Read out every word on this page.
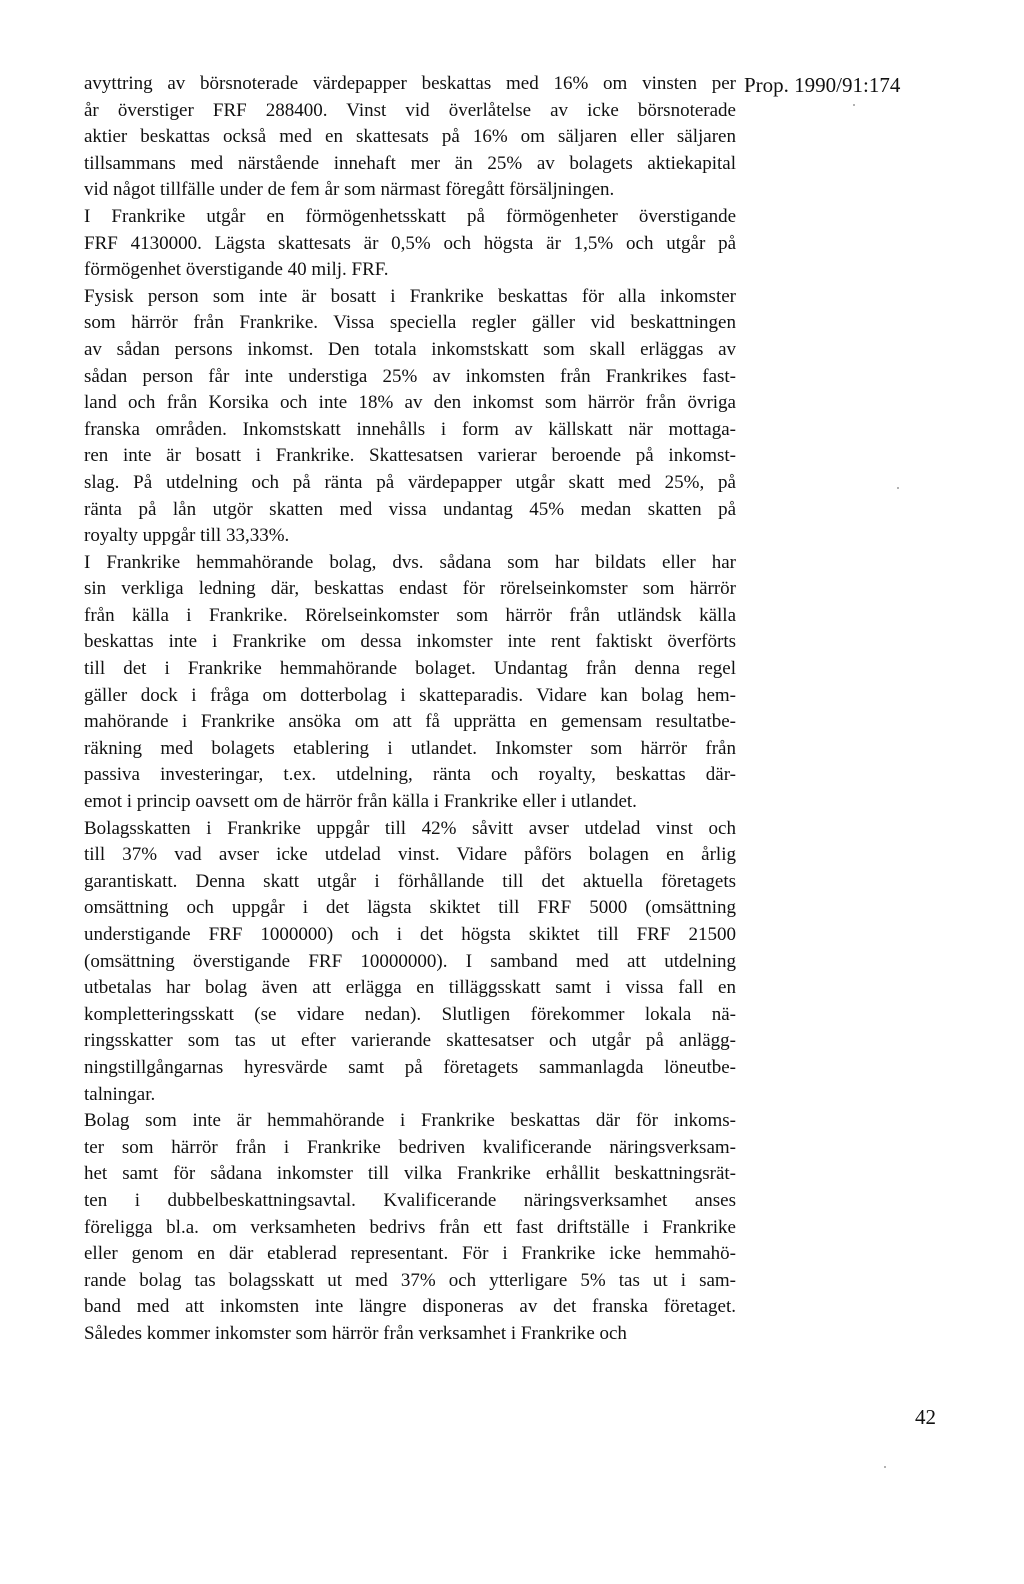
Prop. 1990/91:174
avyttring av börsnoterade värdepapper beskattas med 16% om vinsten per
år överstiger FRF 288400. Vinst vid överlåtelse av icke börsnoterade
aktier beskattas också med en skattesats på 16% om säljaren eller säljaren
tillsammans med närstående innehaft mer än 25% av bolagets aktiekapital
vid något tillfälle under de fem år som närmast föregått försäljningen.
I Frankrike utgår en förmögenhetsskatt på förmögenheter överstigande
FRF 4130000. Lägsta skattesats är 0,5% och högsta är 1,5% och utgår på
förmögenhet överstigande 40 milj. FRF.
Fysisk person som inte är bosatt i Frankrike beskattas för alla inkomster
som härrör från Frankrike. Vissa speciella regler gäller vid beskattningen
av sådan persons inkomst. Den totala inkomstskatt som skall erläggas av
sådan person får inte understiga 25% av inkomsten från Frankrikes fast-
land och från Korsika och inte 18% av den inkomst som härrör från övriga
franska områden. Inkomstskatt innehålls i form av källskatt när mottaga-
ren inte är bosatt i Frankrike. Skattesatsen varierar beroende på inkomst-
slag. På utdelning och på ränta på värdepapper utgår skatt med 25%, på
ränta på lån utgör skatten med vissa undantag 45% medan skatten på
royalty uppgår till 33,33%.
I Frankrike hemmahörande bolag, dvs. sådana som har bildats eller har
sin verkliga ledning där, beskattas endast för rörelseinkomster som härrör
från källa i Frankrike. Rörelseinkomster som härrör från utländsk källa
beskattas inte i Frankrike om dessa inkomster inte rent faktiskt överförts
till det i Frankrike hemmahörande bolaget. Undantag från denna regel
gäller dock i fråga om dotterbolag i skatteparadis. Vidare kan bolag hem-
mahörande i Frankrike ansöka om att få upprätta en gemensam resultatbe-
räkning med bolagets etablering i utlandet. Inkomster som härrör från
passiva investeringar, t.ex. utdelning, ränta och royalty, beskattas där-
emot i princip oavsett om de härrör från källa i Frankrike eller i utlandet.
Bolagsskatten i Frankrike uppgår till 42% såvitt avser utdelad vinst och
till 37% vad avser icke utdelad vinst. Vidare påförs bolagen en årlig
garantiskatt. Denna skatt utgår i förhållande till det aktuella företagets
omsättning och uppgår i det lägsta skiktet till FRF 5000 (omsättning
understigande FRF 1000000) och i det högsta skiktet till FRF 21500
(omsättning överstigande FRF 10000000). I samband med att utdelning
utbetalas har bolag även att erlägga en tilläggsskatt samt i vissa fall en
kompletteringsskatt (se vidare nedan). Slutligen förekommer lokala nä-
ringsskatter som tas ut efter varierande skattesatser och utgår på anlägg-
ningstillgångarnas hyresvärde samt på företagets sammanlagda löneutbe-
talningar.
Bolag som inte är hemmahörande i Frankrike beskattas där för inkoms-
ter som härrör från i Frankrike bedriven kvalificerande näringsverksam-
het samt för sådana inkomster till vilka Frankrike erhållit beskattningsrät-
ten i dubbelbeskattningsavtal. Kvalificerande näringsverksamhet anses
föreligga bl.a. om verksamheten bedrivs från ett fast driftställe i Frankrike
eller genom en där etablerad representant. För i Frankrike icke hemmahö-
rande bolag tas bolagsskatt ut med 37% och ytterligare 5% tas ut i sam-
band med att inkomsten inte längre disponeras av det franska företaget.
Således kommer inkomster som härrör från verksamhet i Frankrike och
42
